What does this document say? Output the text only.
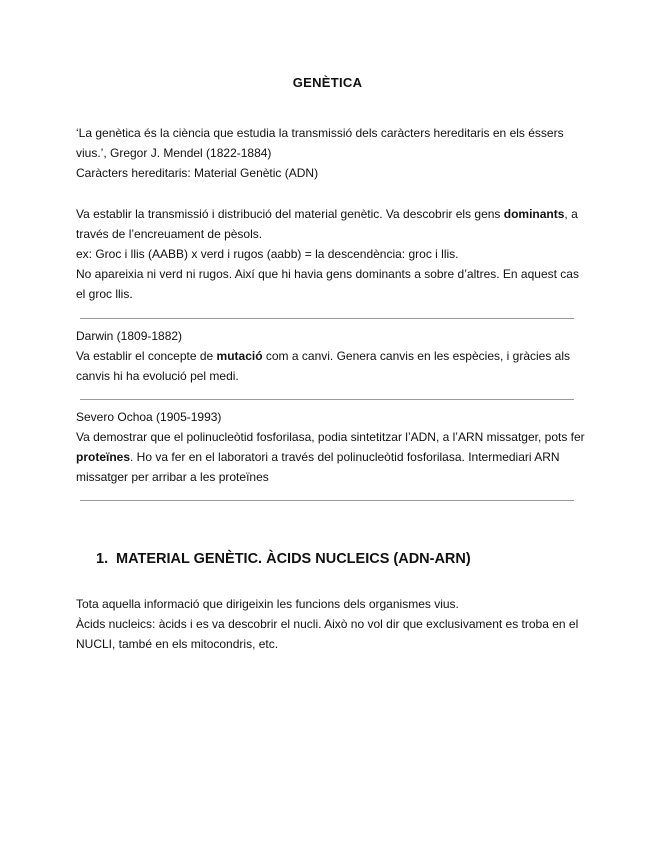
GENÈTICA
‘La genètica és la ciència que estudia la transmissió dels caràcters hereditaris en els éssers
vius.’, Gregor J. Mendel (1822-1884)
Caràcters hereditaris: Material Genètic (ADN)
Va establir la transmissió i distribució del material genètic. Va descobrir els gens dominants, a
través de l’encreuament de pèsols.
ex: Groc i llis (AABB) x verd i rugos (aabb) = la descendència: groc i llis.
No apareixia ni verd ni rugos. Així que hi havia gens dominants a sobre d’altres. En aquest cas
el groc llis.
Darwin (1809-1882)
Va establir el concepte de mutació com a canvi. Genera canvis en les espècies, i gràcies als
canvis hi ha evolució pel medi.
Severo Ochoa (1905-1993)
Va demostrar que el polinucleòtid fosforilasa, podia sintetitzar l’ADN, a l’ARN missatger, pots fer
proteïnes. Ho va fer en el laboratori a través del polinucleòtid fosforilasa. Intermediari ARN
missatger per arribar a les proteïnes
1. MATERIAL GENÈTIC. ÀCIDS NUCLEICS (ADN-ARN)
Tota aquella informació que dirigeixin les funcions dels organismes vius.
Àcids nucleics: àcids i es va descobrir el nucli. Això no vol dir que exclusivament es troba en el
NUCLI, també en els mitocondris, etc.
